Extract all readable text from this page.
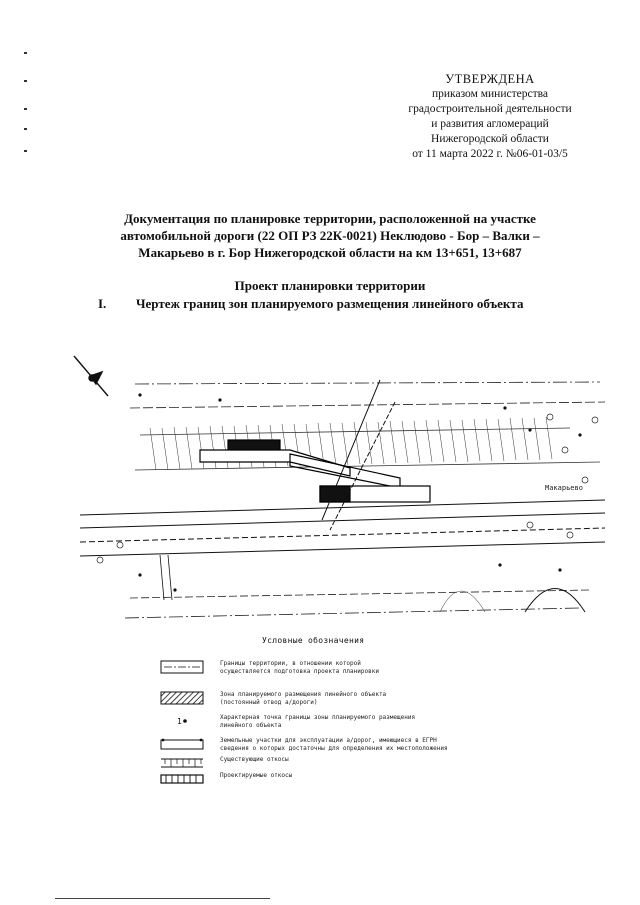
УТВЕРЖДЕНА
приказом министерства
градостроительной деятельности
и развития агломераций
Нижегородской области
от 11 марта 2022 г. №06-01-03/5
Документация по планировке территории, расположенной на участке
автомобильной дороги (22 ОП РЗ 22К-0021) Неклюдово - Бор – Валки –
Макарьево в г. Бор Нижегородской области на км 13+651, 13+687
Проект планировки территории
I. Чертеж границ зон планируемого размещения линейного объекта
Макарьево
Условные обозначения
Границы территории, в отношении которой
осуществляется подготовка проекта планировки
Зона планируемого размещения линейного объекта
(постоянный отвод а/дороги)
1	Характерная точка границы зоны планируемого размещения
линейного объекта
Земельные участки для эксплуатации а/дорог, имеющиеся в ЕГРН
сведения о которых достаточны для определения их местоположения
Существующие откосы
Проектируемые откосы
